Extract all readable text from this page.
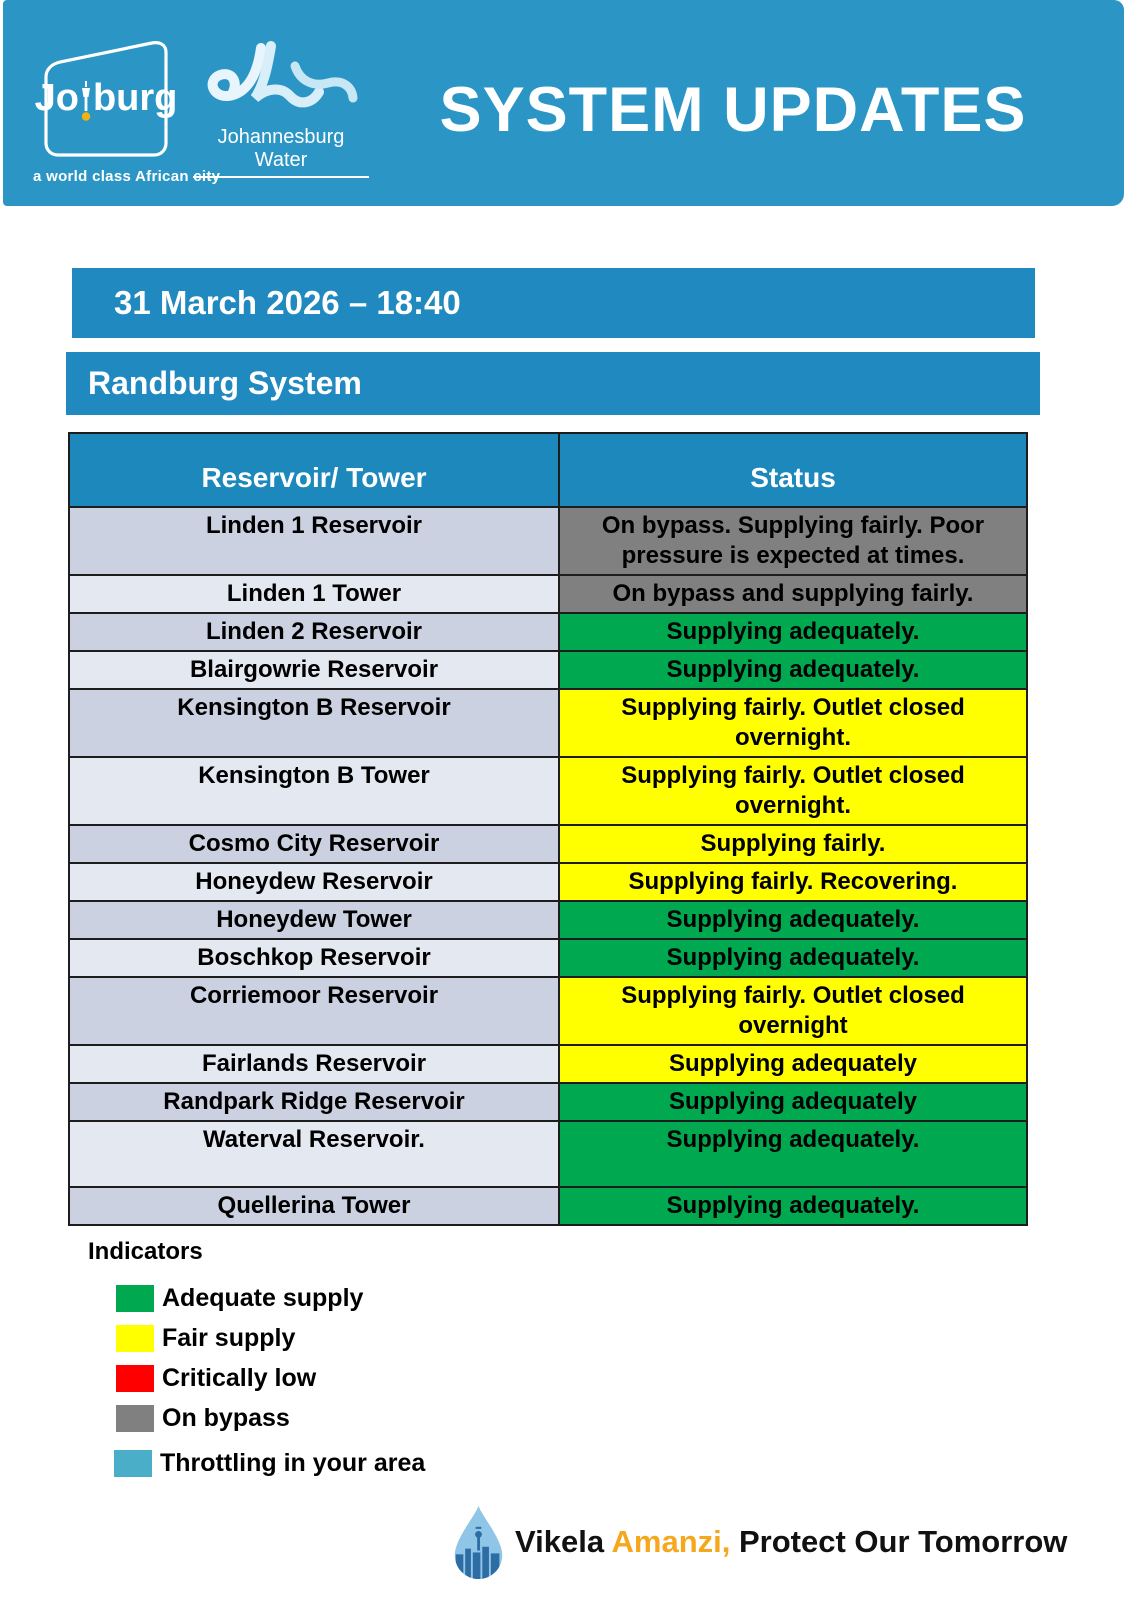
Jo burg
a world class African city
Johannesburg Water
SYSTEM UPDATES
31 March 2026 – 18:40
Randburg System
Reservoir/ Tower	Status
Linden 1 Reservoir	On bypass. Supplying fairly. Poor pressure is expected at times.
Linden 1 Tower	On bypass and supplying fairly.
Linden 2 Reservoir	Supplying adequately.
Blairgowrie Reservoir	Supplying adequately.
Kensington B Reservoir	Supplying fairly. Outlet closed overnight.
Kensington B Tower	Supplying fairly. Outlet closed overnight.
Cosmo City Reservoir	Supplying fairly.
Honeydew Reservoir	Supplying fairly. Recovering.
Honeydew Tower	Supplying adequately.
Boschkop Reservoir	Supplying adequately.
Corriemoor Reservoir	Supplying fairly. Outlet closed overnight
Fairlands Reservoir	Supplying adequately
Randpark Ridge Reservoir	Supplying adequately
Waterval Reservoir.	Supplying adequately.
Quellerina Tower	Supplying adequately.
Indicators
Adequate supply
Fair supply
Critically low
On bypass
Throttling in your area
Vikela Amanzi, Protect Our Tomorrow
